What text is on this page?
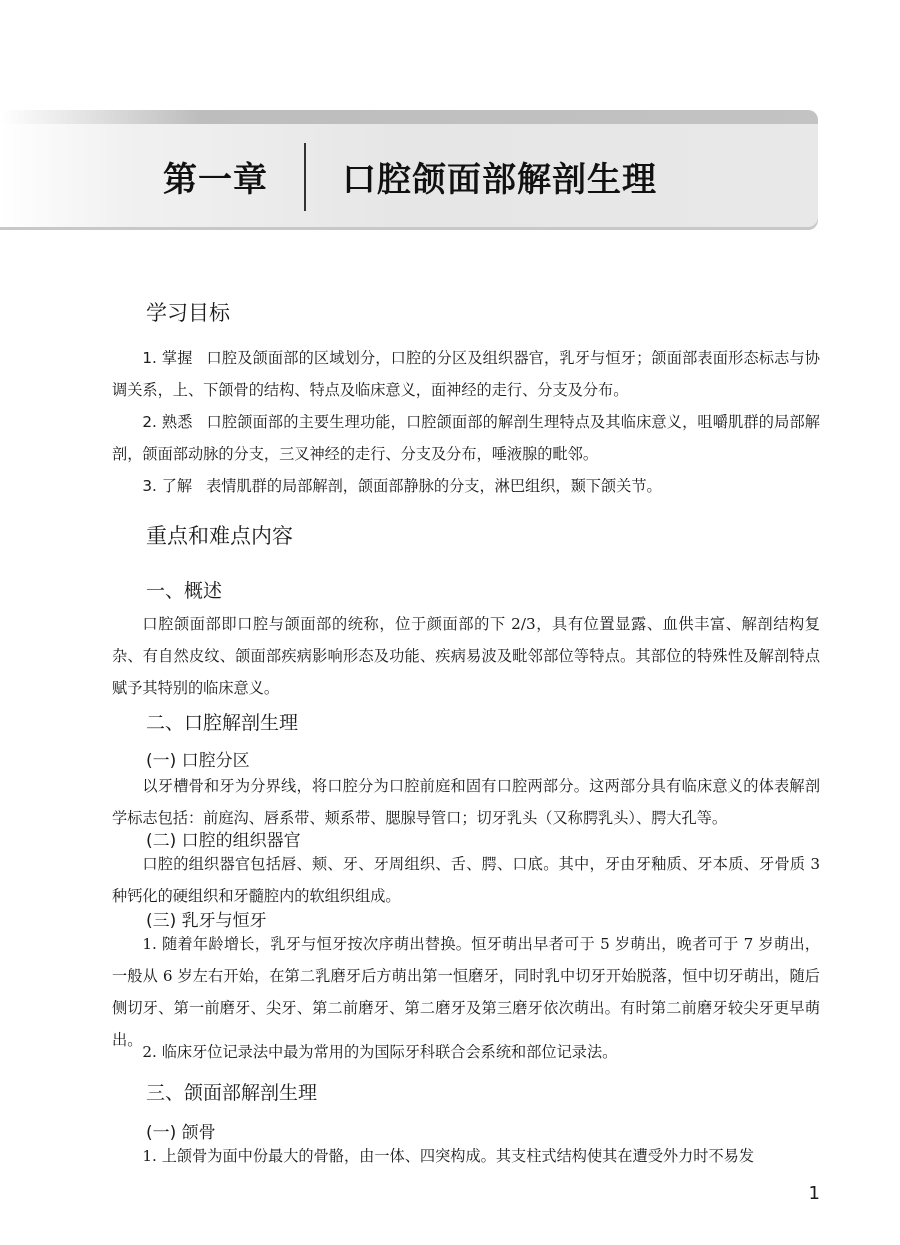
第一章 口腔颌面部解剖生理
学习目标
1. 掌握 口腔及颌面部的区域划分，口腔的分区及组织器官，乳牙与恒牙；颌面部表面形态标志与协调关系，上、下颌骨的结构、特点及临床意义，面神经的走行、分支及分布。
2. 熟悉 口腔颌面部的主要生理功能，口腔颌面部的解剖生理特点及其临床意义，咀嚼肌群的局部解剖，颌面部动脉的分支，三叉神经的走行、分支及分布，唾液腺的毗邻。
3. 了解 表情肌群的局部解剖，颌面部静脉的分支，淋巴组织，颞下颌关节。
重点和难点内容
一、概述
口腔颌面部即口腔与颌面部的统称，位于颜面部的下 2/3，具有位置显露、血供丰富、解剖结构复杂、有自然皮纹、颌面部疾病影响形态及功能、疾病易波及毗邻部位等特点。其部位的特殊性及解剖特点赋予其特别的临床意义。
二、口腔解剖生理
(一) 口腔分区
以牙槽骨和牙为分界线，将口腔分为口腔前庭和固有口腔两部分。这两部分具有临床意义的体表解剖学标志包括：前庭沟、唇系带、颊系带、腮腺导管口；切牙乳头（又称腭乳头）、腭大孔等。
(二) 口腔的组织器官
口腔的组织器官包括唇、颊、牙、牙周组织、舌、腭、口底。其中，牙由牙釉质、牙本质、牙骨质 3 种钙化的硬组织和牙髓腔内的软组织组成。
(三) 乳牙与恒牙
1. 随着年龄增长，乳牙与恒牙按次序萌出替换。恒牙萌出早者可于 5 岁萌出，晚者可于 7 岁萌出，一般从 6 岁左右开始，在第二乳磨牙后方萌出第一恒磨牙，同时乳中切牙开始脱落，恒中切牙萌出，随后侧切牙、第一前磨牙、尖牙、第二前磨牙、第二磨牙及第三磨牙依次萌出。有时第二前磨牙较尖牙更早萌出。
2. 临床牙位记录法中最为常用的为国际牙科联合会系统和部位记录法。
三、颌面部解剖生理
(一) 颌骨
1. 上颌骨为面中份最大的骨骼，由一体、四突构成。其支柱式结构使其在遭受外力时不易发
1
